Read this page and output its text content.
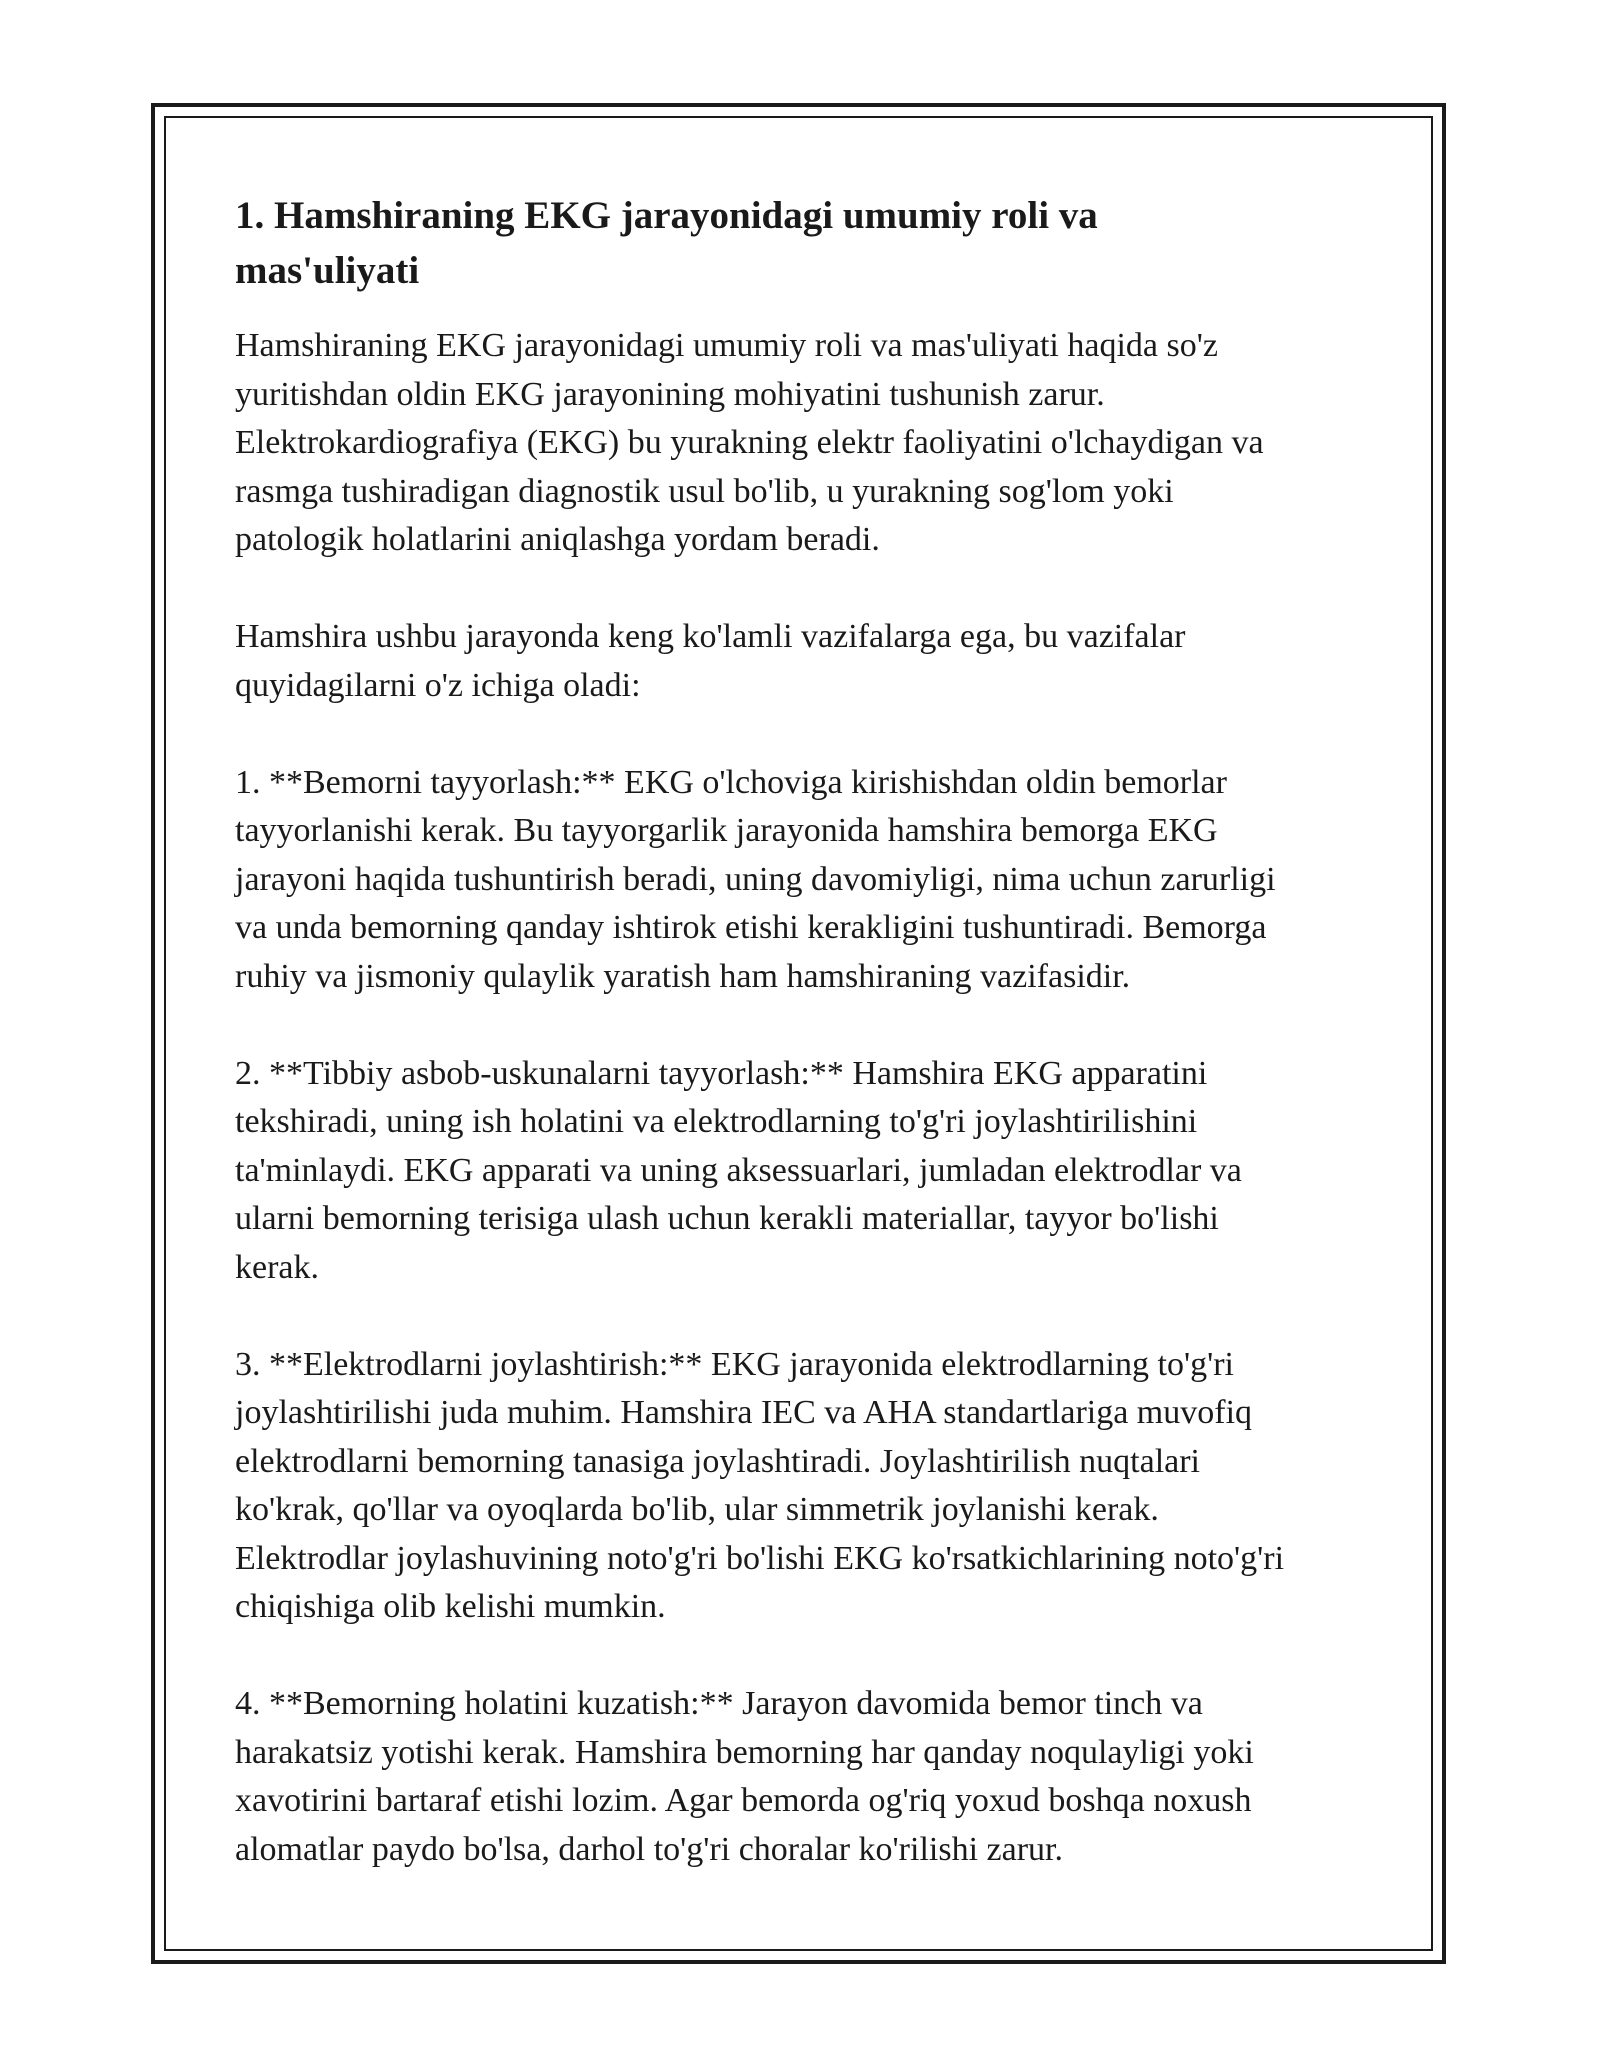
1. Hamshiraning EKG jarayonidagi umumiy roli va
mas'uliyati

Hamshiraning EKG jarayonidagi umumiy roli va mas'uliyati haqida so'z
yuritishdan oldin EKG jarayonining mohiyatini tushunish zarur.
Elektrokardiografiya (EKG) bu yurakning elektr faoliyatini o'lchaydigan va
rasmga tushiradigan diagnostik usul bo'lib, u yurakning sog'lom yoki
patologik holatlarini aniqlashga yordam beradi.

Hamshira ushbu jarayonda keng ko'lamli vazifalarga ega, bu vazifalar
quyidagilarni o'z ichiga oladi:

1. **Bemorni tayyorlash:** EKG o'lchoviga kirishishdan oldin bemorlar
tayyorlanishi kerak. Bu tayyorgarlik jarayonida hamshira bemorga EKG
jarayoni haqida tushuntirish beradi, uning davomiyligi, nima uchun zarurligi
va unda bemorning qanday ishtirok etishi kerakligini tushuntiradi. Bemorga
ruhiy va jismoniy qulaylik yaratish ham hamshiraning vazifasidir.

2. **Tibbiy asbob-uskunalarni tayyorlash:** Hamshira EKG apparatini
tekshiradi, uning ish holatini va elektrodlarning to'g'ri joylashtirilishini
ta'minlaydi. EKG apparati va uning aksessuarlari, jumladan elektrodlar va
ularni bemorning terisiga ulash uchun kerakli materiallar, tayyor bo'lishi
kerak.

3. **Elektrodlarni joylashtirish:** EKG jarayonida elektrodlarning to'g'ri
joylashtirilishi juda muhim. Hamshira IEC va AHA standartlariga muvofiq
elektrodlarni bemorning tanasiga joylashtiradi. Joylashtirilish nuqtalari
ko'krak, qo'llar va oyoqlarda bo'lib, ular simmetrik joylanishi kerak.
Elektrodlar joylashuvining noto'g'ri bo'lishi EKG ko'rsatkichlarining noto'g'ri
chiqishiga olib kelishi mumkin.

4. **Bemorning holatini kuzatish:** Jarayon davomida bemor tinch va
harakatsiz yotishi kerak. Hamshira bemorning har qanday noqulayligi yoki
xavotirini bartaraf etishi lozim. Agar bemorda og'riq yoxud boshqa noxush
alomatlar paydo bo'lsa, darhol to'g'ri choralar ko'rilishi zarur.
